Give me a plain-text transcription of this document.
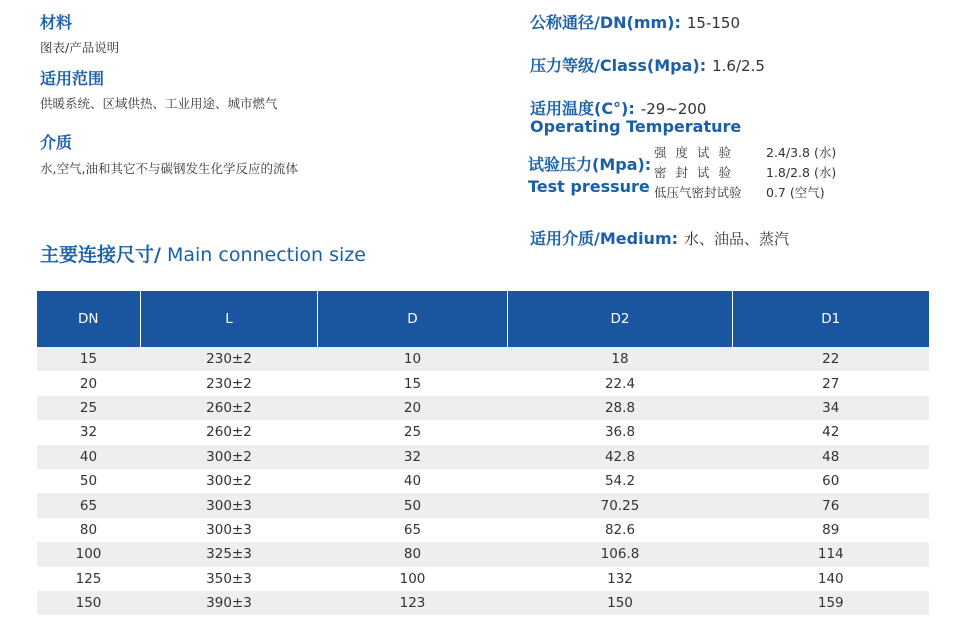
材料
图表/产品说明
适用范围
供暖系统、区域供热、工业用途、城市燃气
介质
水,空气,油和其它不与碳钢发生化学反应的流体
公称通径/DN(mm): 15-150
压力等级/Class(Mpa): 1.6/2.5
适用温度(C°): -29~200
Operating Temperature
试验压力(Mpa):
Test pressure
强度试验	2.4/3.8 (水)
密封试验	1.8/2.8 (水)
低压气密封试验	0.7 (空气)
适用介质/Medium: 水、油品、蒸汽
主要连接尺寸/ Main connection size
DN	L	D	D2	D1
15	230±2	10	18	22
20	230±2	15	22.4	27
25	260±2	20	28.8	34
32	260±2	25	36.8	42
40	300±2	32	42.8	48
50	300±2	40	54.2	60
65	300±3	50	70.25	76
80	300±3	65	82.6	89
100	325±3	80	106.8	114
125	350±3	100	132	140
150	390±3	123	150	159
